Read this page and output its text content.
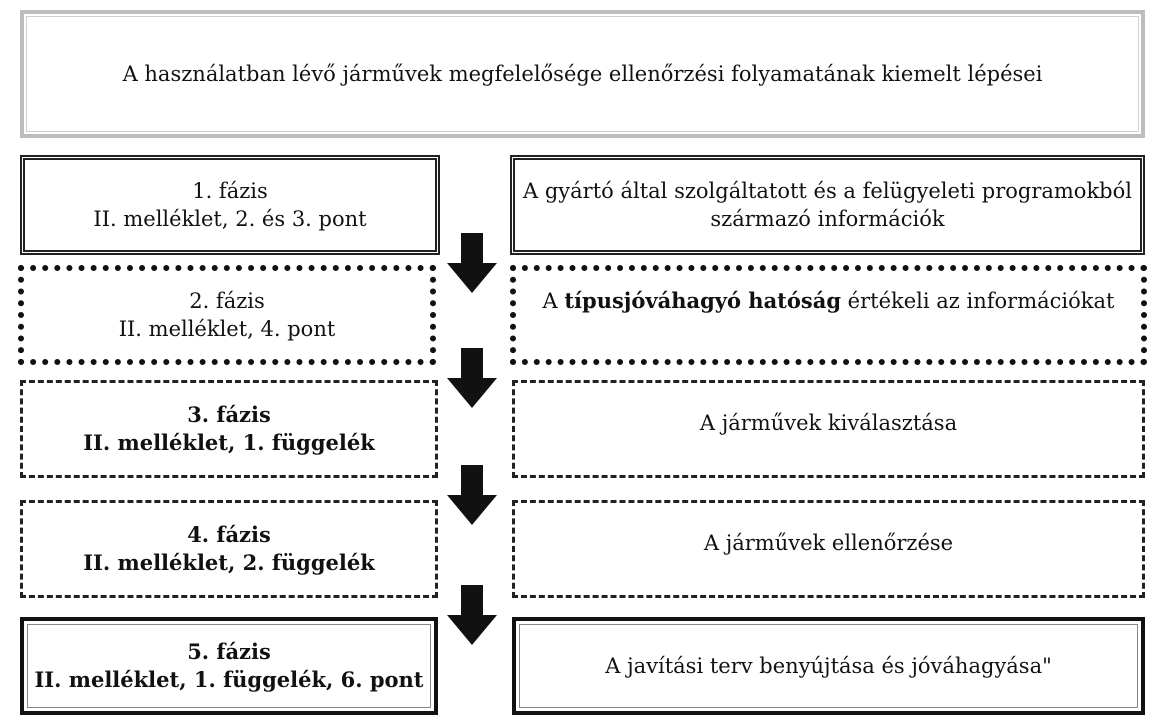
A használatban lévő járművek megfelelősége ellenőrzési folyamatának kiemelt lépései
1. fázis
II. melléklet, 2. és 3. pont
A gyártó által szolgáltatott és a felügyeleti programokból
származó információk
2. fázis
II. melléklet, 4. pont
A típusjóváhagyó hatóság értékeli az információkat
3. fázis
II. melléklet, 1. függelék
A járművek kiválasztása
4. fázis
II. melléklet, 2. függelék
A járművek ellenőrzése
5. fázis
II. melléklet, 1. függelék, 6. pont
A javítási terv benyújtása és jóváhagyása"
